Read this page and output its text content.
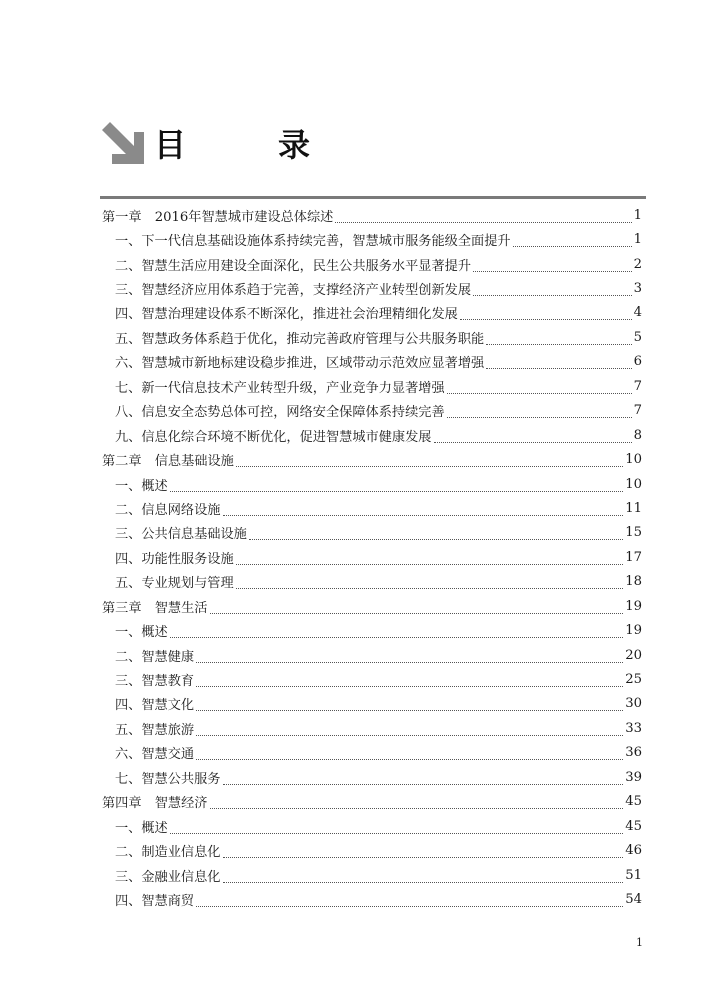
目　录
第一章　2016年智慧城市建设总体综述	1
一、下一代信息基础设施体系持续完善，智慧城市服务能级全面提升	1
二、智慧生活应用建设全面深化，民生公共服务水平显著提升	2
三、智慧经济应用体系趋于完善，支撑经济产业转型创新发展	3
四、智慧治理建设体系不断深化，推进社会治理精细化发展	4
五、智慧政务体系趋于优化，推动完善政府管理与公共服务职能	5
六、智慧城市新地标建设稳步推进，区域带动示范效应显著增强	6
七、新一代信息技术产业转型升级，产业竞争力显著增强	7
八、信息安全态势总体可控，网络安全保障体系持续完善	7
九、信息化综合环境不断优化，促进智慧城市健康发展	8
第二章　信息基础设施	10
一、概述	10
二、信息网络设施	11
三、公共信息基础设施	15
四、功能性服务设施	17
五、专业规划与管理	18
第三章　智慧生活	19
一、概述	19
二、智慧健康	20
三、智慧教育	25
四、智慧文化	30
五、智慧旅游	33
六、智慧交通	36
七、智慧公共服务	39
第四章　智慧经济	45
一、概述	45
二、制造业信息化	46
三、金融业信息化	51
四、智慧商贸	54
1
